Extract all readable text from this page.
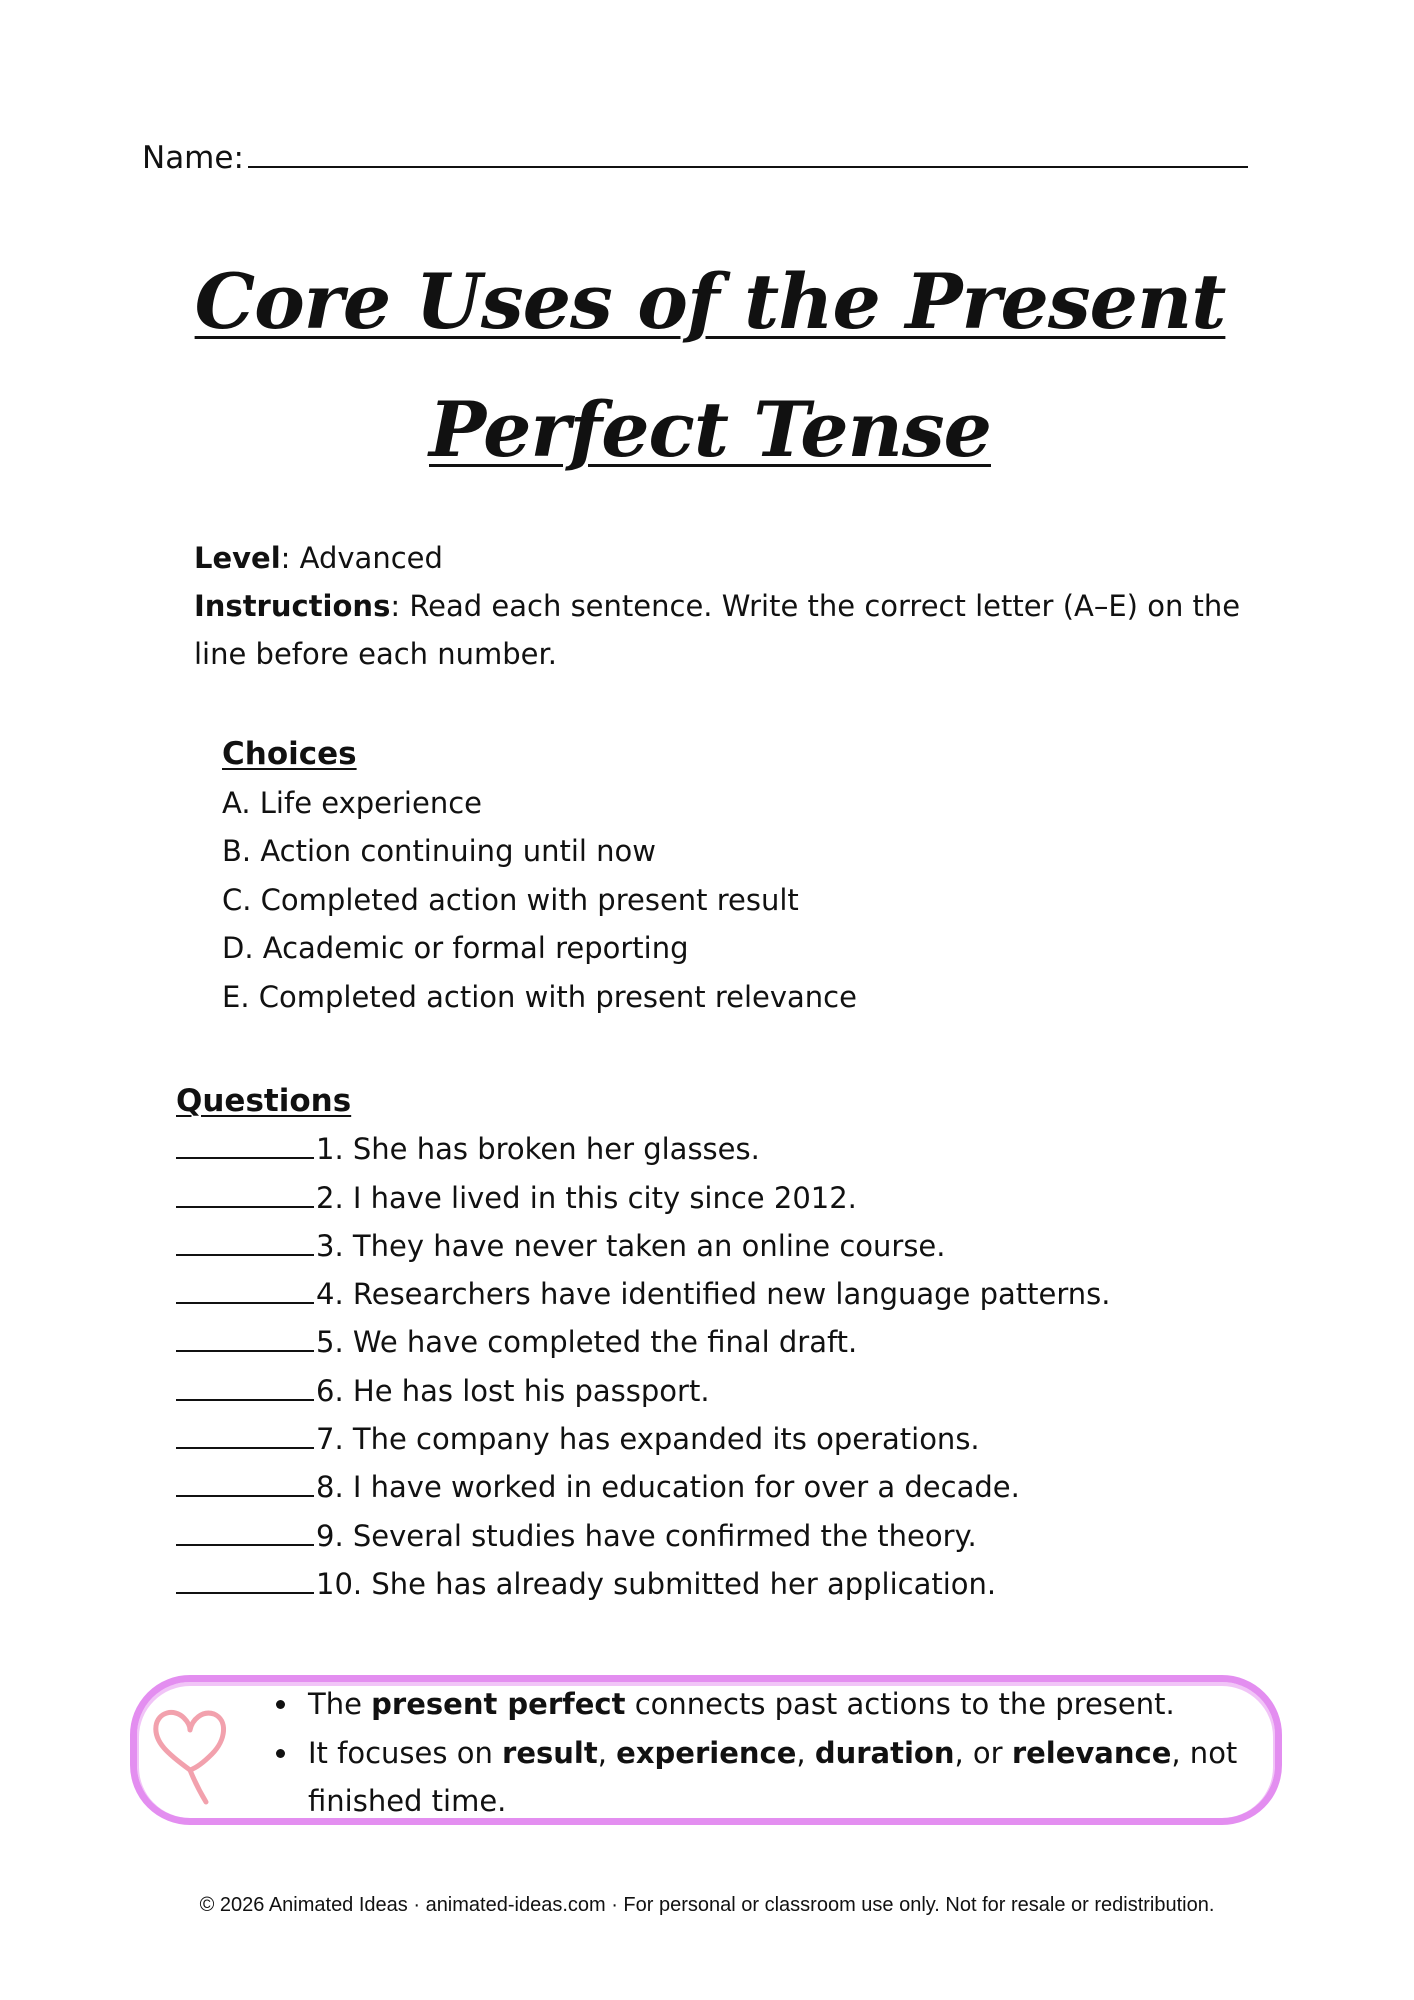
Name:
Core Uses of the Present
Perfect Tense
Level: Advanced
Instructions: Read each sentence. Write the correct letter (A–E) on the line before each number.
Choices
A. Life experience
B. Action continuing until now
C. Completed action with present result
D. Academic or formal reporting
E. Completed action with present relevance
Questions
1. She has broken her glasses.
2. I have lived in this city since 2012.
3. They have never taken an online course.
4. Researchers have identified new language patterns.
5. We have completed the final draft.
6. He has lost his passport.
7. The company has expanded its operations.
8. I have worked in education for over a decade.
9. Several studies have confirmed the theory.
10. She has already submitted her application.
The present perfect connects past actions to the present.
It focuses on result, experience, duration, or relevance, not finished time.
© 2026 Animated Ideas · animated-ideas.com · For personal or classroom use only. Not for resale or redistribution.
